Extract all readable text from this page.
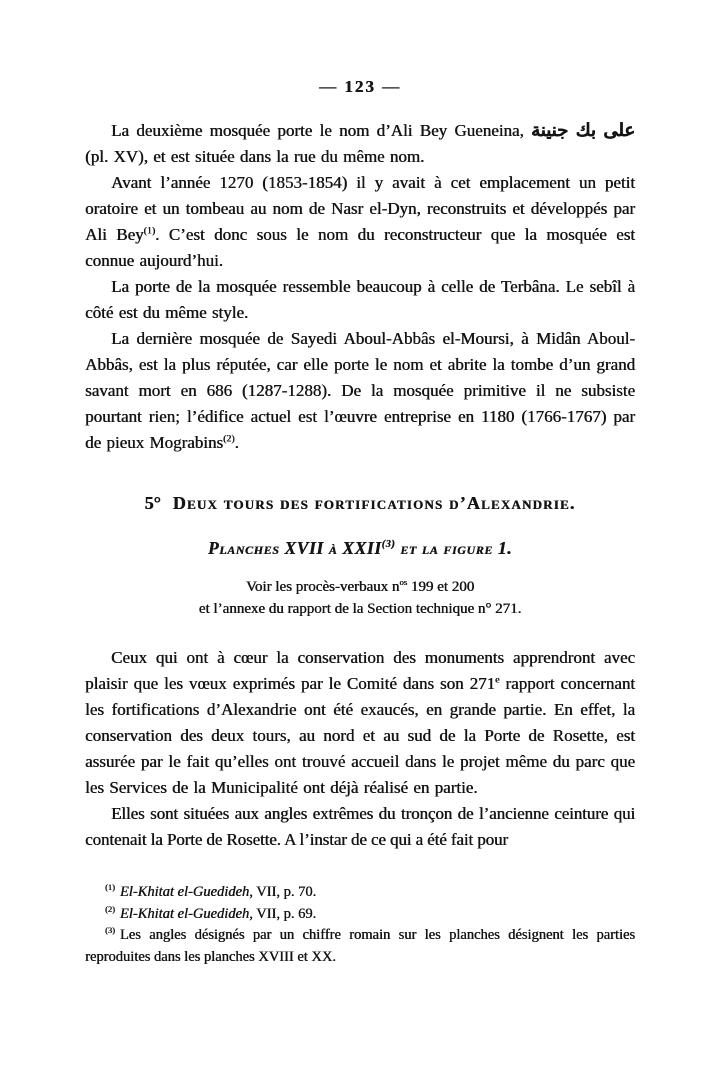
— 123 —

La deuxième mosquée porte le nom d’Ali Bey Gueneina, على بك جنينة (pl. XV), et est située dans la rue du même nom.

Avant l’année 1270 (1853-1854) il y avait à cet emplacement un petit oratoire et un tombeau au nom de Nasr el-Dyn, reconstruits et développés par Ali Bey$^{(1)}$. C’est donc sous le nom du reconstructeur que la mosquée est connue aujourd’hui.

La porte de la mosquée ressemble beaucoup à celle de Terbâna. Le sebîl à côté est du même style.

La dernière mosquée de Sayedi Aboul-Abbâs el-Moursi, à Midân Aboul-Abbâs, est la plus réputée, car elle porte le nom et abrite la tombe d’un grand savant mort en 686 (1287-1288). De la mosquée primitive il ne subsiste pourtant rien; l’édifice actuel est l’œuvre entreprise en 1180 (1766-1767) par de pieux Mograbins$^{(2)}$.

5° Deux tours des fortifications d’Alexandrie.
Planches XVII à XXII$^{(3)}$ et la figure 1.
Voir les procès-verbaux $n^{os}$ 199 et 200
et l’annexe du rapport de la Section technique n° 271.

Ceux qui ont à cœur la conservation des monuments apprendront avec plaisir que les vœux exprimés par le Comité dans son 271e rapport concernant les fortifications d’Alexandrie ont été exaucés, en grande partie. En effet, la conservation des deux tours, au nord et au sud de la Porte de Rosette, est assurée par le fait qu’elles ont trouvé accueil dans le projet même du parc que les Services de la Municipalité ont déjà réalisé en partie.

Elles sont situées aux angles extrêmes du tronçon de l’ancienne ceinture qui contenait la Porte de Rosette. A l’instar de ce qui a été fait pour

$^{(1)}$ El-Khitat el-Guedideh, VII, p. 70.

$^{(2)}$ El-Khitat el-Guedideh, VII, p. 69.

$^{(3)}$ Les angles désignés par un chiffre romain sur les planches désignent les parties reproduites dans les planches XVIII et XX.
